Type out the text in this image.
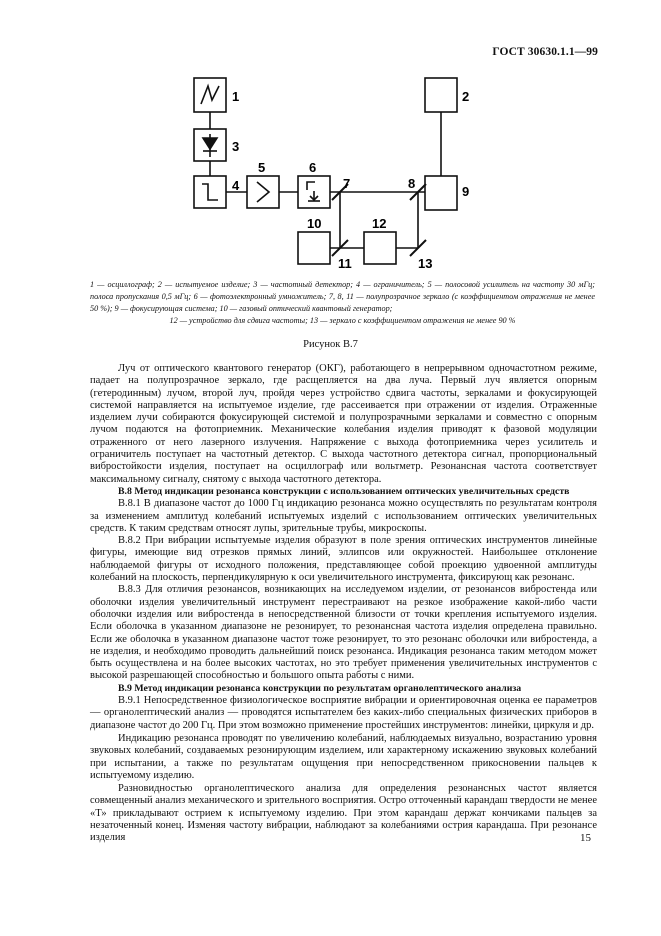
ГОСТ 30630.1.1—99
1	2
3
4
5	6
7	8
9
10
11
12
13
1 — осциллограф; 2 — испытуемое изделие; 3 — частотный детектор; 4 — ограничитель; 5 — полосовой усилитель на частоту 30 мГц; полоса пропускания 0,5 мГц; 6 — фотоэлектронный умножитель; 7, 8, 11 — полупрозрачное зеркало (с коэффициентом отражения не менее 50 %); 9 — фокусирующая система; 10 — газовый оптический квантовый генератор;
12 — устройство для сдвига частоты; 13 — зеркало с коэффициентом отражения не менее 90 %
Рисунок В.7

Луч от оптического квантового генератор (ОКГ), работающего в непрерывном одночастотном режиме, падает на полупрозрачное зеркало, где расщепляется на два луча. Первый луч является опорным (гетеродинным) лучом, второй луч, пройдя через устройство сдвига частоты, зеркалами и фокусирующей системой направляется на испытуемое изделие, где рассеивается при отражении от изделия. Отраженные изделием лучи собираются фокусирующей системой и полупрозрачными зеркалами и совместно с опорным лучом подаются на фотоприемник. Механические колебания изделия приводят к фазовой модуляции отраженного от него лазерного излучения. Напряжение с выхода фотоприемника через усилитель и ограничитель поступает на частотный детектор. С выхода частотного детектора сигнал, пропорциональный вибростойкости изделия, поступает на осциллограф или вольтметр. Резонансная частота соответствует максимальному сигналу, снятому с выхода частотного детектора.

В.8 Метод индикации резонанса конструкции с использованием оптических увеличительных средств

В.8.1 В диапазоне частот до 1000 Гц индикацию резонанса можно осуществлять по результатам контроля за изменением амплитуд колебаний испытуемых изделий с использованием оптических увеличительных средств. К таким средствам относят лупы, зрительные трубы, микроскопы.

В.8.2 При вибрации испытуемые изделия образуют в поле зрения оптических инструментов линейные фигуры, имеющие вид отрезков прямых линий, эллипсов или окружностей. Наибольшее отклонение наблюдаемой фигуры от исходного положения, представляющее собой проекцию удвоенной амплитуды колебаний на плоскость, перпендикулярную к оси увеличительного инструмента, фиксирующ как резонанс.

В.8.3 Для отличия резонансов, возникающих на исследуемом изделии, от резонансов вибростенда или оболочки изделия увеличительный инструмент перестраивают на резкое изображение какой-либо части оболочки изделия или вибростенда в непосредственной близости от точки крепления испытуемого изделия. Если оболочка в указанном диапазоне не резонирует, то резонансная частота изделия определена правильно. Если же оболочка в указанном диапазоне частот тоже резонирует, то это резонанс оболочки или вибростенда, а не изделия, и необходимо проводить дальнейший поиск резонанса. Индикация резонанса таким методом может быть осуществлена и на более высоких частотах, но это требует применения увеличительных инструментов с высокой разрешающей способностью и большого опыта работы с ними.

В.9 Метод индикации резонанса конструкции по результатам органолептического анализа

В.9.1 Непосредственное физиологическое восприятие вибрации и ориентировочная оценка ее параметров — органолептический анализ — проводятся испытателем без каких-либо специальных физических приборов в диапазоне частот до 200 Гц. При этом возможно применение простейших инструментов: линейки, циркуля и др.

Индикацию резонанса проводят по увеличению колебаний, наблюдаемых визуально, возрастанию уровня звуковых колебаний, создаваемых резонирующим изделием, или характерному искажению звуковых колебаний при испытании, а также по результатам ощущения при непосредственном прикосновении пальцев к испытуемому изделию.

Разновидностью органолептического анализа для определения резонансных частот является совмещенный анализ механического и зрительного восприятия. Остро отточенный карандаш твердости не менее «Т» прикладывают острием к испытуемому изделию. При этом карандаш держат кончиками пальцев за незаточенный конец. Изменяя частоту вибрации, наблюдают за колебаниями острия карандаша. При резонансе изделия	15
